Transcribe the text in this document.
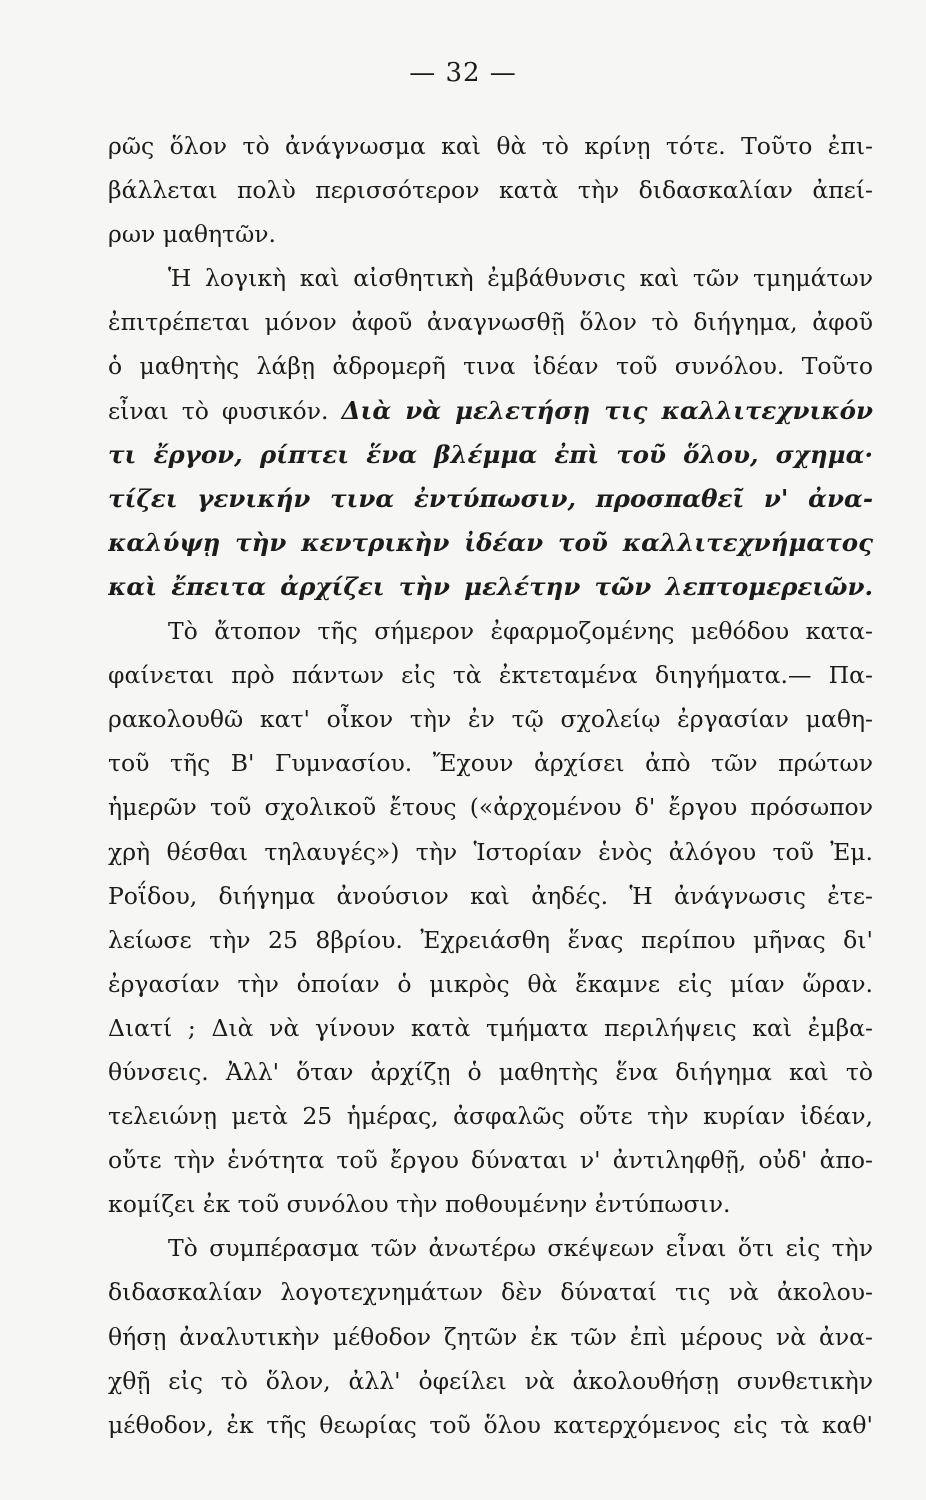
— 32 —
ρῶς ὅλον τὸ ἀνάγνωσμα καὶ θὰ τὸ κρίνῃ τότε. Τοῦτο ἐπι-
βάλλεται πολὺ περισσότερον κατὰ τὴν διδασκαλίαν ἀπεί-
ρων μαθητῶν.
Ἡ λογικὴ καὶ αἰσθητικὴ ἐμβάθυνσις καὶ τῶν τμημάτων
ἐπιτρέπεται μόνον ἀφοῦ ἀναγνωσθῇ ὅλον τὸ διήγημα, ἀφοῦ
ὁ μαθητὴς λάβῃ ἀδρομερῆ τινα ἰδέαν τοῦ συνόλου. Τοῦτο
εἶναι τὸ φυσικόν. Διὰ νὰ μελετήσῃ τις καλλιτεχνικόν
τι ἔργον, ρίπτει ἕνα βλέμμα ἐπὶ τοῦ ὅλου, σχημα·
τίζει γενικήν τινα ἐντύπωσιν, προσπαθεῖ ν' ἀνα-
καλύψῃ τὴν κεντρικὴν ἰδέαν τοῦ καλλιτεχνήματος
καὶ ἔπειτα ἀρχίζει τὴν μελέτην τῶν λεπτομερειῶν.
Τὸ ἄτοπον τῆς σήμερον ἐφαρμοζομένης μεθόδου κατα-
φαίνεται πρὸ πάντων εἰς τὰ ἐκτεταμένα διηγήματα.— Πα-
ρακολουθῶ κατ' οἶκον τὴν ἐν τῷ σχολείῳ ἐργασίαν μαθη-
τοῦ τῆς Β' Γυμνασίου. Ἔχουν ἀρχίσει ἀπὸ τῶν πρώτων
ἡμερῶν τοῦ σχολικοῦ ἔτους («ἀρχομένου δ' ἔργου πρόσωπον
χρὴ θέσθαι τηλαυγές») τὴν Ἱστορίαν ἑνὸς ἀλόγου τοῦ Ἐμ.
Ροΐδου, διήγημα ἀνούσιον καὶ ἀηδές. Ἡ ἀνάγνωσις ἐτε-
λείωσε τὴν 25 8βρίου. Ἐχρειάσθη ἕνας περίπου μῆνας δι'
ἐργασίαν τὴν ὁποίαν ὁ μικρὸς θὰ ἔκαμνε εἰς μίαν ὥραν.
Διατί ; Διὰ νὰ γίνουν κατὰ τμήματα περιλήψεις καὶ ἐμβα-
θύνσεις. Ἀλλ' ὅταν ἀρχίζῃ ὁ μαθητὴς ἕνα διήγημα καὶ τὸ
τελειώνῃ μετὰ 25 ἡμέρας, ἀσφαλῶς οὔτε τὴν κυρίαν ἰδέαν,
οὔτε τὴν ἑνότητα τοῦ ἔργου δύναται ν' ἀντιληφθῇ, οὐδ' ἀπο-
κομίζει ἐκ τοῦ συνόλου τὴν ποθουμένην ἐντύπωσιν.
Τὸ συμπέρασμα τῶν ἀνωτέρω σκέψεων εἶναι ὅτι εἰς τὴν
διδασκαλίαν λογοτεχνημάτων δὲν δύναταί τις νὰ ἀκολου-
θήσῃ ἀναλυτικὴν μέθοδον ζητῶν ἐκ τῶν ἐπὶ μέρους νὰ ἀνα-
χθῇ εἰς τὸ ὅλον, ἀλλ' ὀφείλει νὰ ἀκολουθήσῃ συνθετικὴν
μέθοδον, ἐκ τῆς θεωρίας τοῦ ὅλου κατερχόμενος εἰς τὰ καθ'
